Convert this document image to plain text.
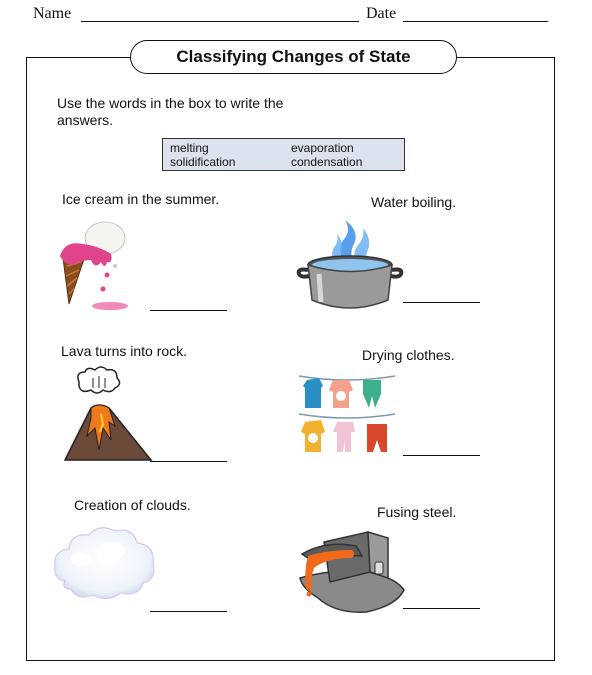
Name	Date
Classifying Changes of State
Use the words in the box to write the answers.
melting	evaporation
solidification	condensation
Ice cream in the summer.	Water boiling.
Lava turns into rock.	Drying clothes.
Creation of clouds.	Fusing steel.
